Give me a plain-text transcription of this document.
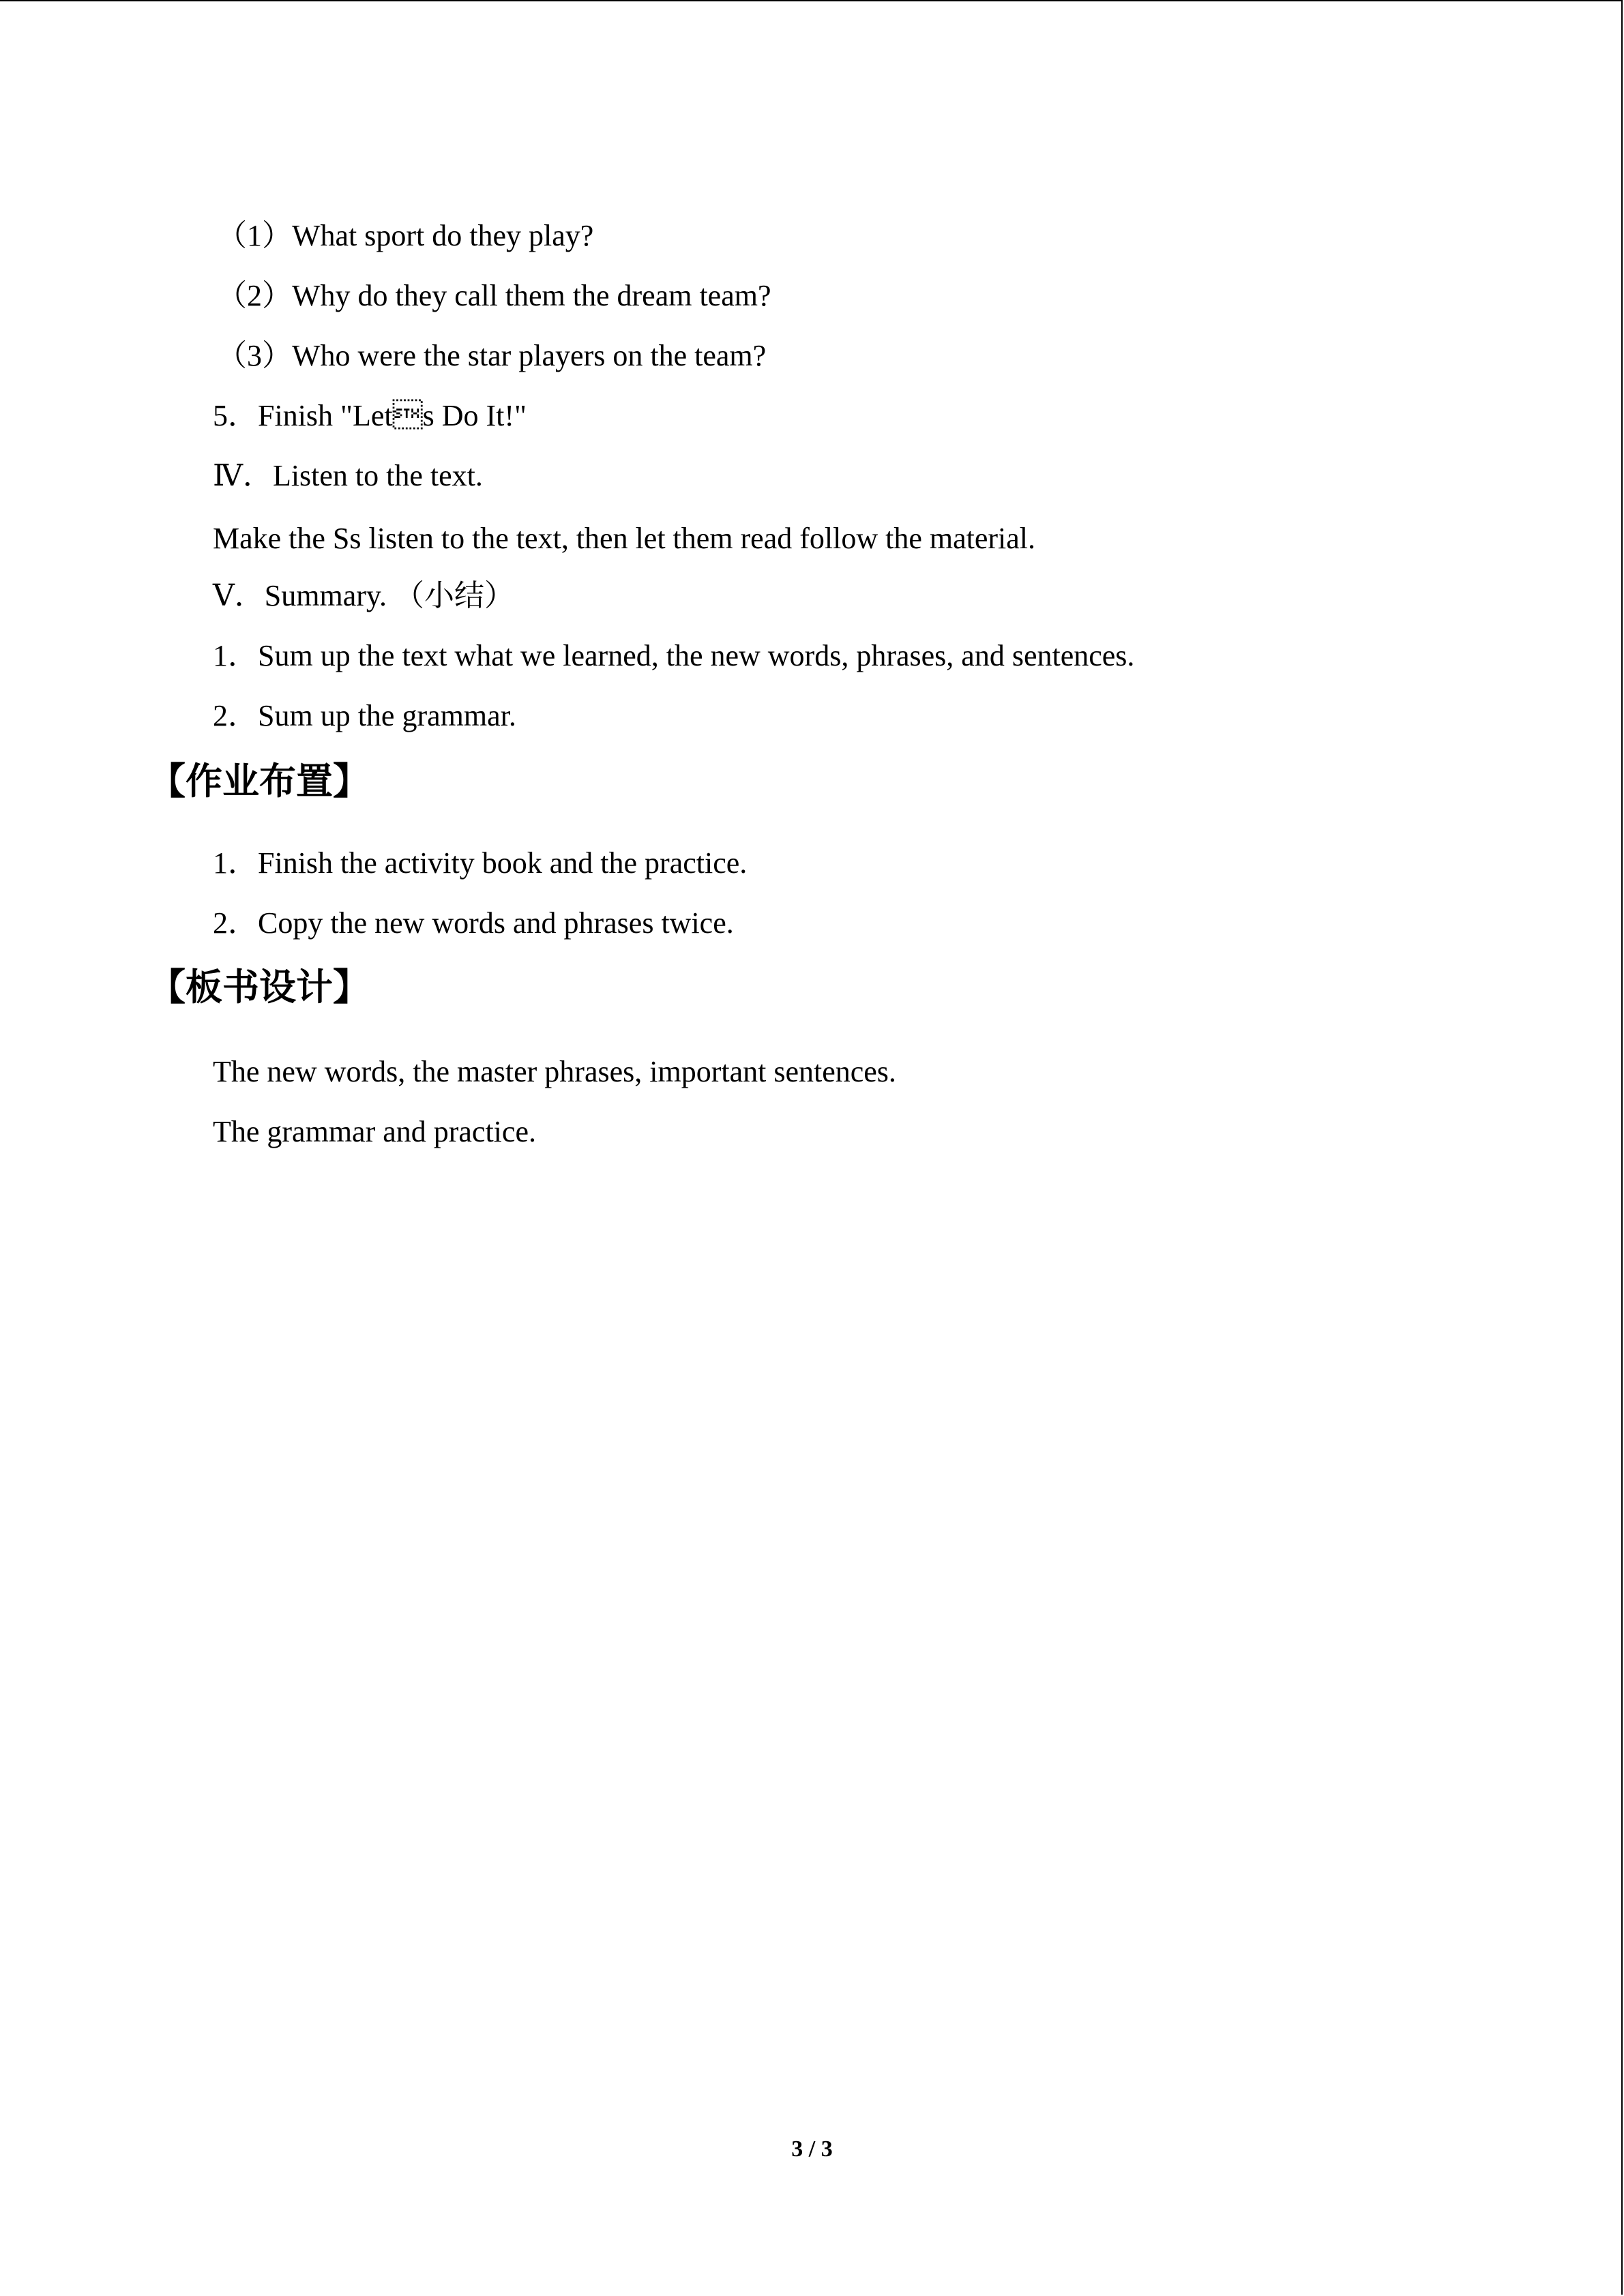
（1）What sport do they play?
（2）Why do they call them the dream team?
（3）Who were the star players on the team?
5．Finish "Lets Do It!"
Ⅳ．Listen to the text.
Make the Ss listen to the text, then let them read follow the material.
Ⅴ．Summary. （小结）
1．Sum up the text what we learned, the new words, phrases, and sentences.
2．Sum up the grammar.
【作业布置】
1．Finish the activity book and the practice.
2．Copy the new words and phrases twice.
【板书设计】
The new words, the master phrases, important sentences.
The grammar and practice.
3 / 3
